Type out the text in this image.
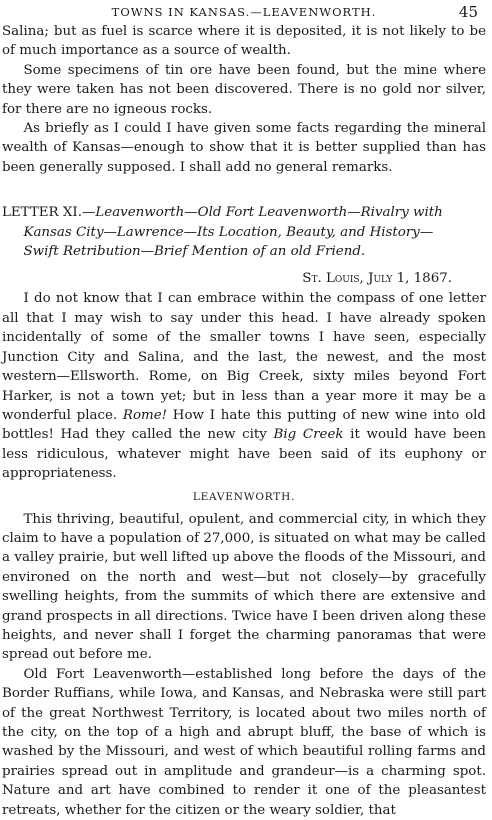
TOWNS IN KANSAS.—LEAVENWORTH.	45

Salina; but as fuel is scarce where it is deposited, it is not likely to be of much importance as a source of wealth.

Some specimens of tin ore have been found, but the mine where they were taken has not been discovered. There is no gold nor silver, for there are no igneous rocks.

As briefly as I could I have given some facts regarding the mineral wealth of Kansas—enough to show that it is better supplied than has been generally supposed. I shall add no general remarks.

LETTER XI.—Leavenworth—Old Fort Leavenworth—Rivalry with
Kansas City—Lawrence—Its Location, Beauty, and History—
Swift Retribution—Brief Mention of an old Friend.
St. Louis, July 1, 1867.

I do not know that I can embrace within the compass of one letter all that I may wish to say under this head. I have already spoken incidentally of some of the smaller towns I have seen, especially Junction City and Salina, and the last, the newest, and the most western—Ellsworth. Rome, on Big Creek, sixty miles beyond Fort Harker, is not a town yet; but in less than a year more it may be a wonderful place. Rome! How I hate this putting of new wine into old bottles! Had they called the new city Big Creek it would have been less ridiculous, whatever might have been said of its euphony or appropriateness.

LEAVENWORTH.

This thriving, beautiful, opulent, and commercial city, in which they claim to have a population of 27,000, is situated on what may be called a valley prairie, but well lifted up above the floods of the Missouri, and environed on the north and west—but not closely—by gracefully swelling heights, from the summits of which there are extensive and grand prospects in all directions. Twice have I been driven along these heights, and never shall I forget the charming panoramas that were spread out before me.

Old Fort Leavenworth—established long before the days of the Border Ruffians, while Iowa, and Kansas, and Nebraska were still part of the great Northwest Territory, is located about two miles north of the city, on the top of a high and abrupt bluff, the base of which is washed by the Missouri, and west of which beautiful rolling farms and prairies spread out in amplitude and grandeur—is a charming spot. Nature and art have combined to render it one of the pleasantest retreats, whether for the citizen or the weary soldier, that
